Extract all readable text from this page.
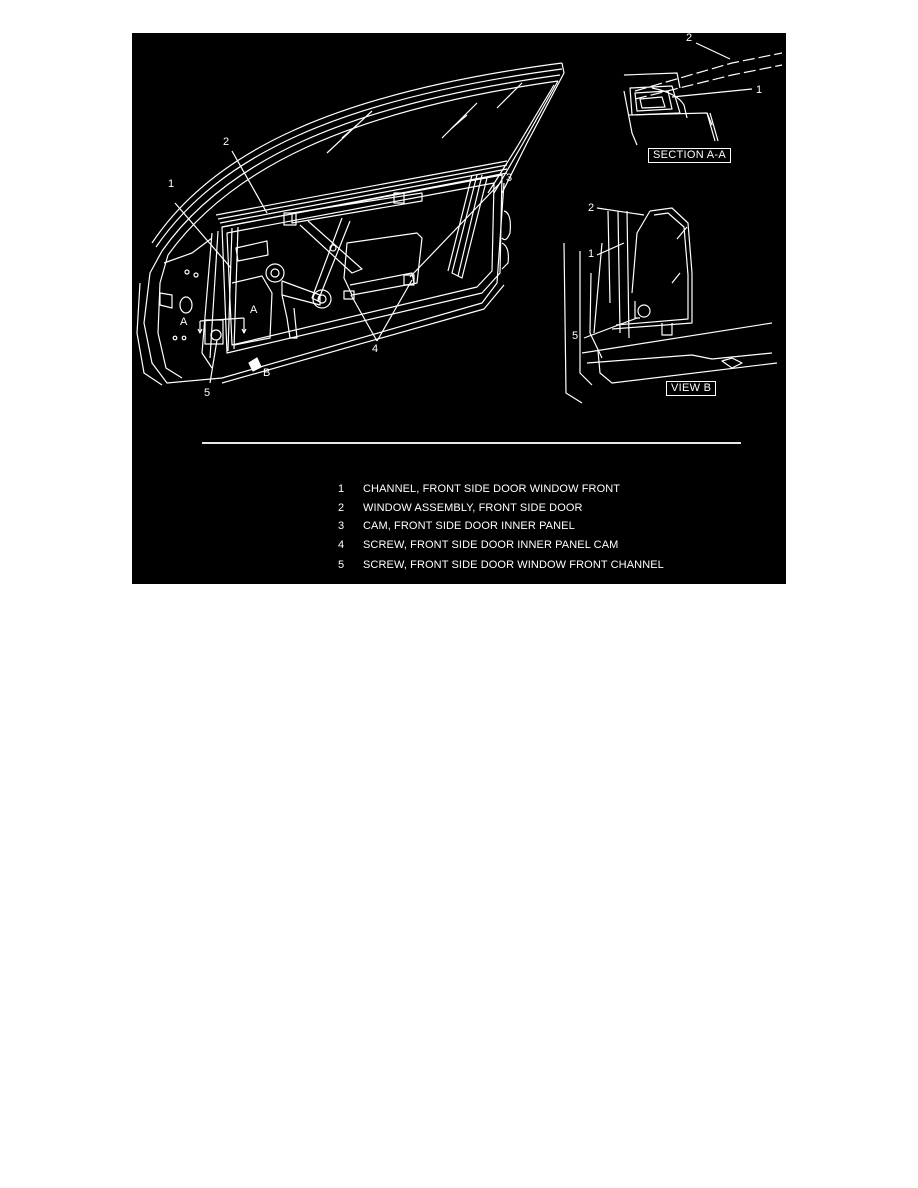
1
2
3
4
5
A
A
B
2
1
SECTION A-A
2
1
5
VIEW B
1	CHANNEL, FRONT SIDE DOOR WINDOW FRONT
2	WINDOW ASSEMBLY, FRONT SIDE DOOR
3	CAM, FRONT SIDE DOOR INNER PANEL
4	SCREW, FRONT SIDE DOOR INNER PANEL CAM
5	SCREW, FRONT SIDE DOOR WINDOW FRONT CHANNEL
